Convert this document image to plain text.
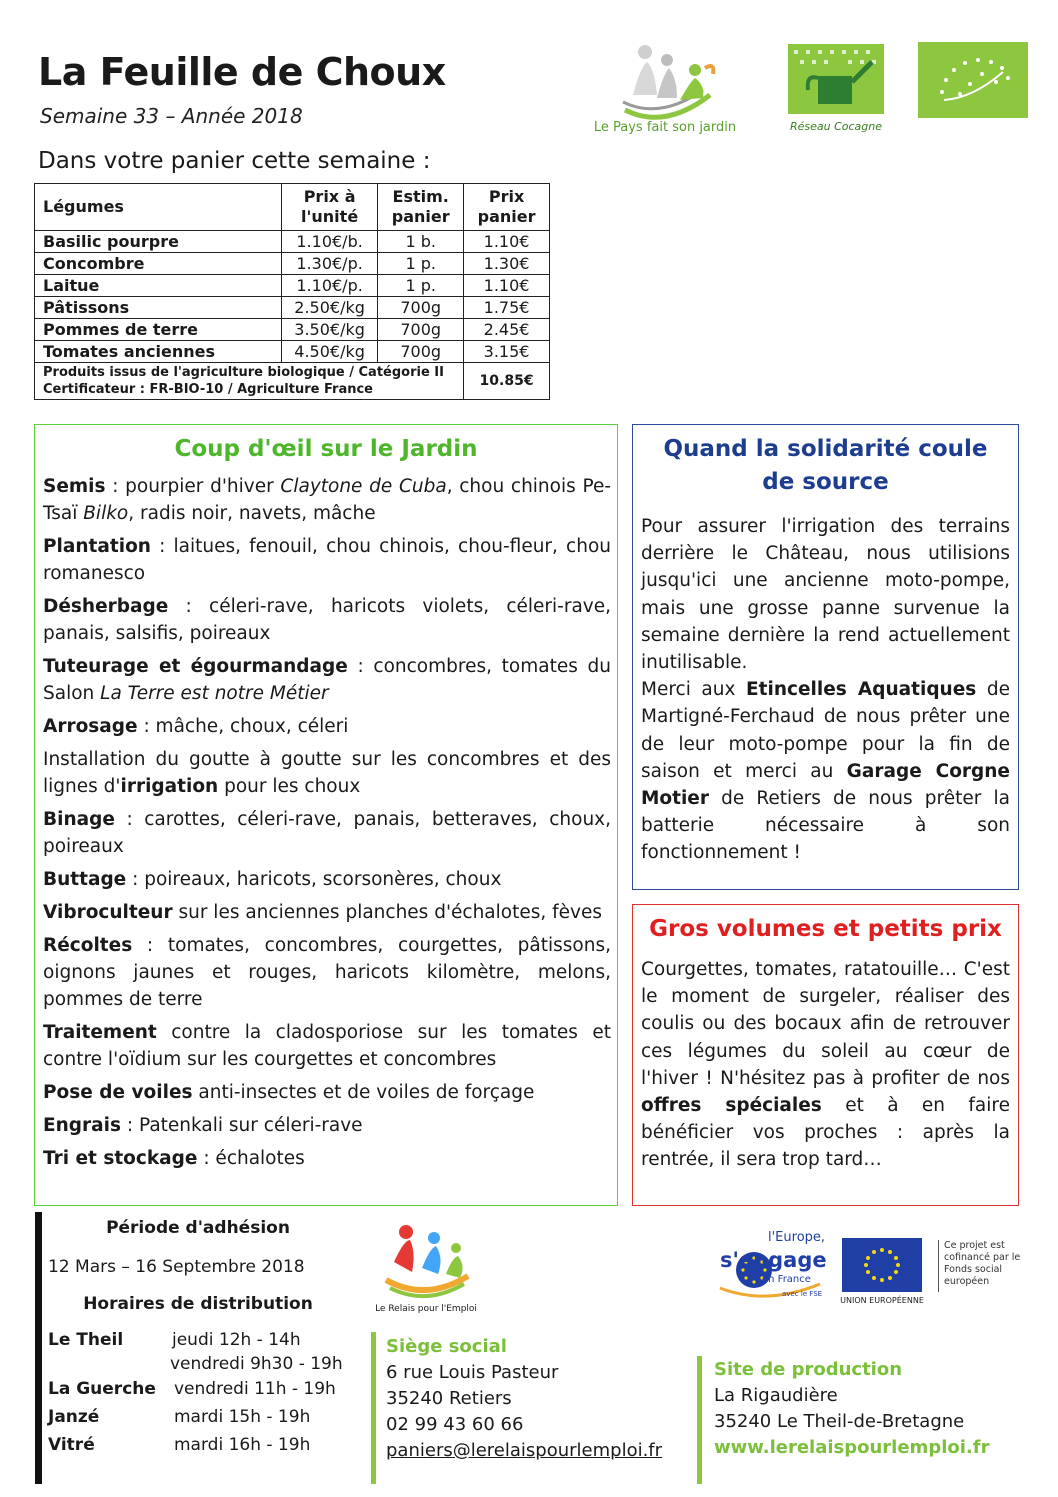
La Feuille de Choux
Semaine 33 – Année 2018
Dans votre panier cette semaine :
Le Pays fait son jardin	Réseau Cocagne
Légumes	Prix à l'unité	Estim. panier	Prix panier
Basilic pourpre	1.10€/b.	1 b.	1.10€
Concombre	1.30€/p.	1 p.	1.30€
Laitue	1.10€/p.	1 p.	1.10€
Pâtissons	2.50€/kg	700g	1.75€
Pommes de terre	3.50€/kg	700g	2.45€
Tomates anciennes	4.50€/kg	700g	3.15€

Produits issus de l'agriculture biologique / Catégorie II
Certificateur : FR-BIO-10 / Agriculture France			10.85€
Coup d'œil sur le Jardin

Semis : pourpier d'hiver Claytone de Cuba, chou chinois Pe-Tsaï Bilko, radis noir, navets, mâche

Plantation : laitues, fenouil, chou chinois, chou-fleur, chou romanesco

Désherbage : céleri-rave, haricots violets, céleri-rave, panais, salsifis, poireaux

Tuteurage et égourmandage : concombres, tomates du Salon La Terre est notre Métier

Arrosage : mâche, choux, céleri

Installation du goutte à goutte sur les concombres et des lignes d'irrigation pour les choux

Binage : carottes, céleri-rave, panais, betteraves, choux, poireaux

Buttage : poireaux, haricots, scorsonères, choux

Vibroculteur sur les anciennes planches d'échalotes, fèves

Récoltes : tomates, concombres, courgettes, pâtissons, oignons jaunes et rouges, haricots kilomètre, melons, pommes de terre

Traitement contre la cladosporiose sur les tomates et contre l'oïdium sur les courgettes et concombres

Pose de voiles anti-insectes et de voiles de forçage

Engrais : Patenkali sur céleri-rave

Tri et stockage : échalotes

Quand la solidarité coule de source
Pour assurer l'irrigation des terrains derrière le Château, nous utilisions jusqu'ici une ancienne moto-pompe, mais une grosse panne survenue la semaine dernière la rend actuellement inutilisable.
Merci aux Etincelles Aquatiques de Martigné-Ferchaud de nous prêter une de leur moto-pompe pour la fin de saison et merci au Garage Corgne Motier de Retiers de nous prêter la batterie nécessaire à son fonctionnement !
Gros volumes et petits prix
Courgettes, tomates, ratatouille… C'est le moment de surgeler, réaliser des coulis ou des bocaux afin de retrouver ces légumes du soleil au cœur de l'hiver ! N'hésitez pas à profiter de nos offres spéciales et à en faire bénéficier vos proches : après la rentrée, il sera trop tard…
Période d'adhésion
12 Mars – 16 Septembre 2018
Horaires de distribution
Le Theil	jeudi 12h - 14h
vendredi 9h30 - 19h
La Guerche vendredi 11h - 19h
Janzé	mardi 15h - 19h
Vitré	mardi 16h - 19h
Le Relais pour l'Emploi
Siège social
6 rue Louis Pasteur
35240 Retiers
02 99 43 60 66
paniers@lerelaispourlemploi.fr
Site de production
La Rigaudière
35240 Le Theil-de-Bretagne
www.lerelaispourlemploi.fr
l'Europe,
s'engage
en France
avec le FSE
UNION EUROPÉENNE
Ce projet est cofinancé par le Fonds social européen
